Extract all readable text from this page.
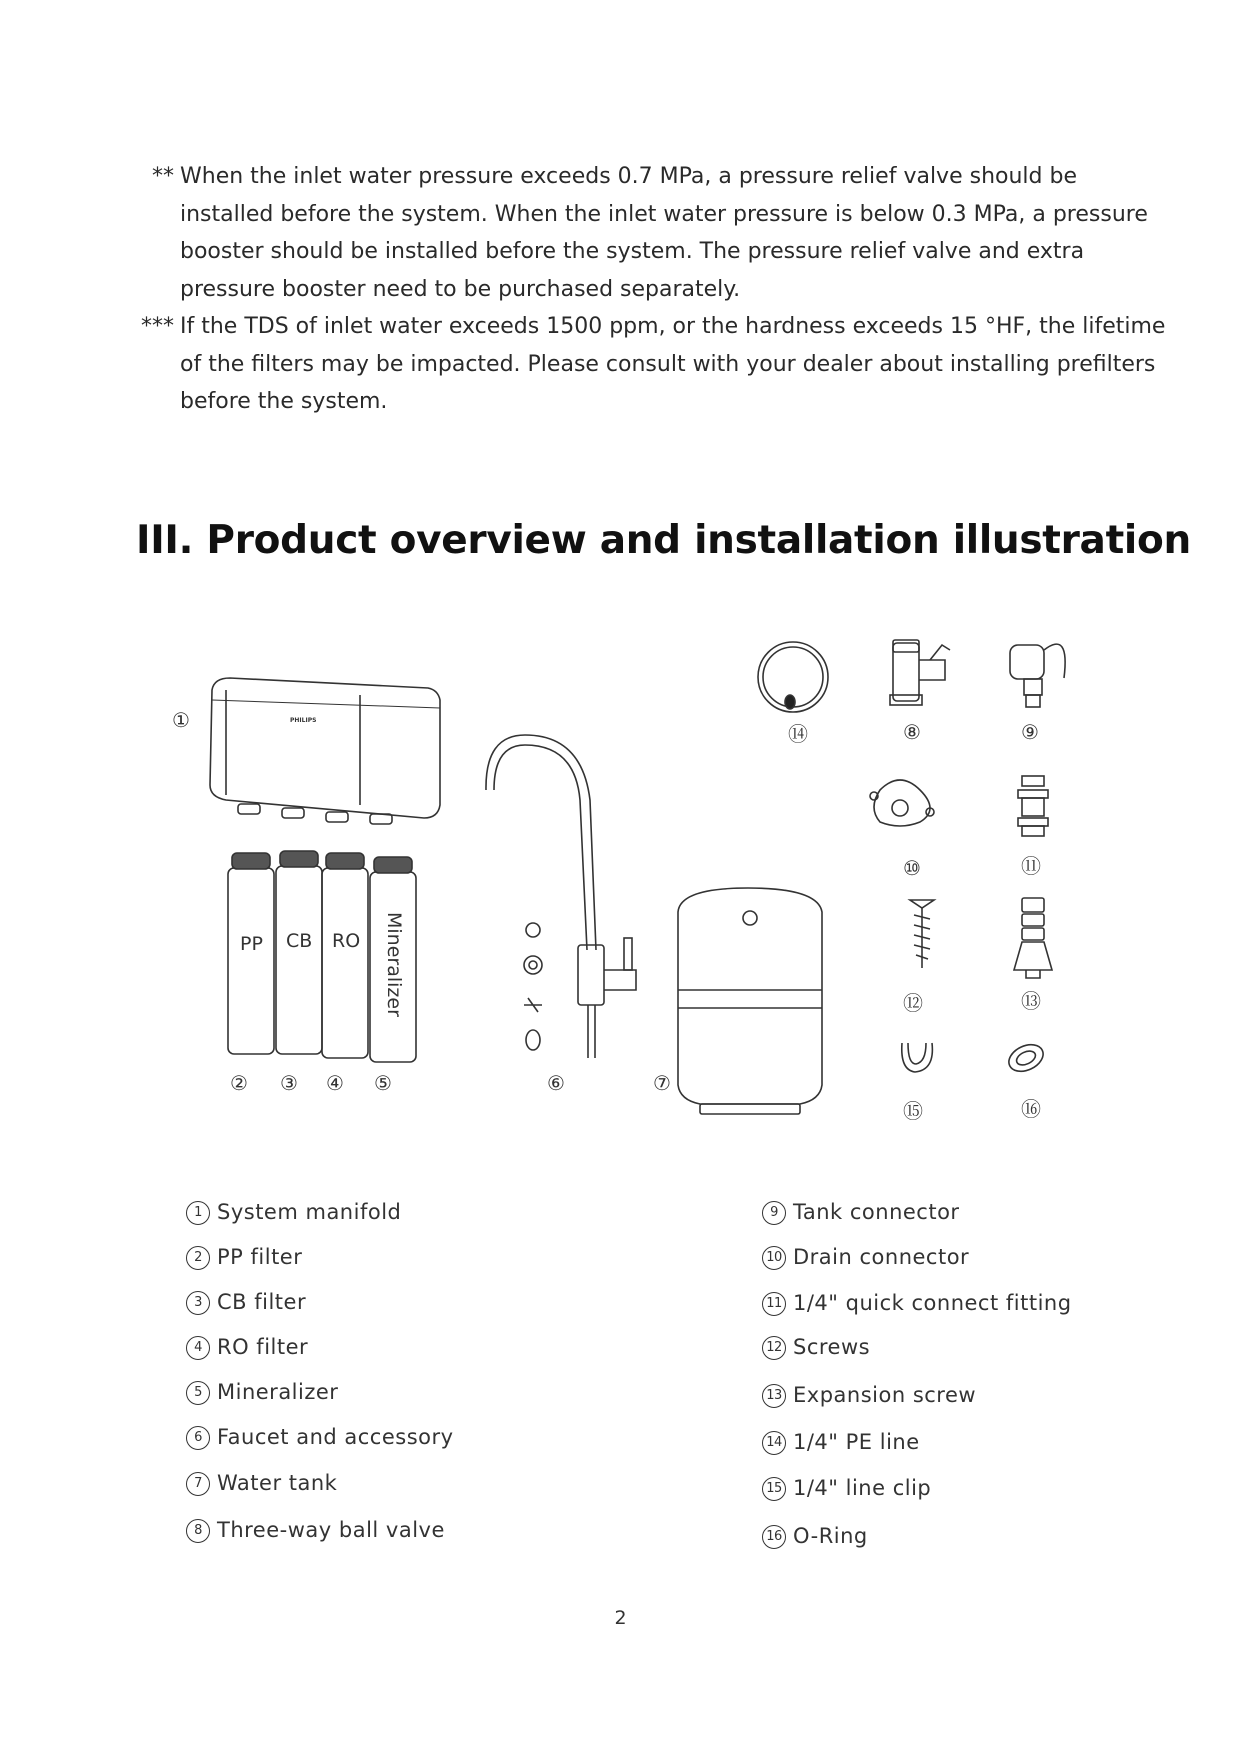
** When the inlet water pressure exceeds 0.7 MPa, a pressure relief valve should be
installed before the system. When the inlet water pressure is below 0.3 MPa, a pressure
booster should be installed before the system. The pressure relief valve and extra
pressure booster need to be purchased separately.
*** If the TDS of inlet water exceeds 1500 ppm, or the hardness exceeds 15 °HF, the lifetime
of the filters may be impacted. Please consult with your dealer about installing prefilters
before the system.
III. Product overview and installation illustration
PHILIPS
PP CB RO Mineralizer
①
② ③ ④ ⑤	⑥	⑦
⑧	⑨
⑩	⑪
⑫	⑬
⑭
⑮	⑯
1 System manifold
2 PP filter
3 CB filter
4 RO filter
5 Mineralizer
6 Faucet and accessory
7 Water tank
8 Three-way ball valve
9 Tank connector
10 Drain connector
11 1/4" quick connect fitting
12 Screws
13 Expansion screw
14 1/4" PE line
15 1/4" line clip
16 O-Ring
2
